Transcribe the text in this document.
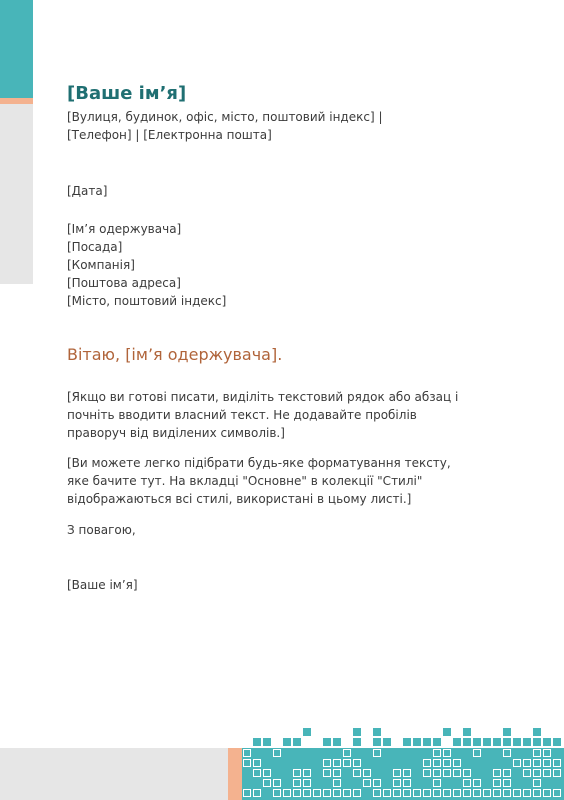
[Ваше ім’я]

[Вулиця, будинок, офіс, місто, поштовий індекс] |

[Телефон] | [Електронна пошта]

[Дата]

[Ім’я одержувача]

[Посада]

[Компанія]

[Поштова адреса]

[Місто, поштовий індекс]

Вітаю, [ім’я одержувача].

[Якщо ви готові писати, виділіть текстовий рядок або абзац і почніть вводити власний текст. Не додавайте пробілів праворуч від виділених символів.]

[Ви можете легко підібрати будь-яке форматування тексту, яке бачите тут. На вкладці "Основне" в колекції "Стилі" відображаються всі стилі, використані в цьому листі.]

З повагою,

[Ваше ім’я]
